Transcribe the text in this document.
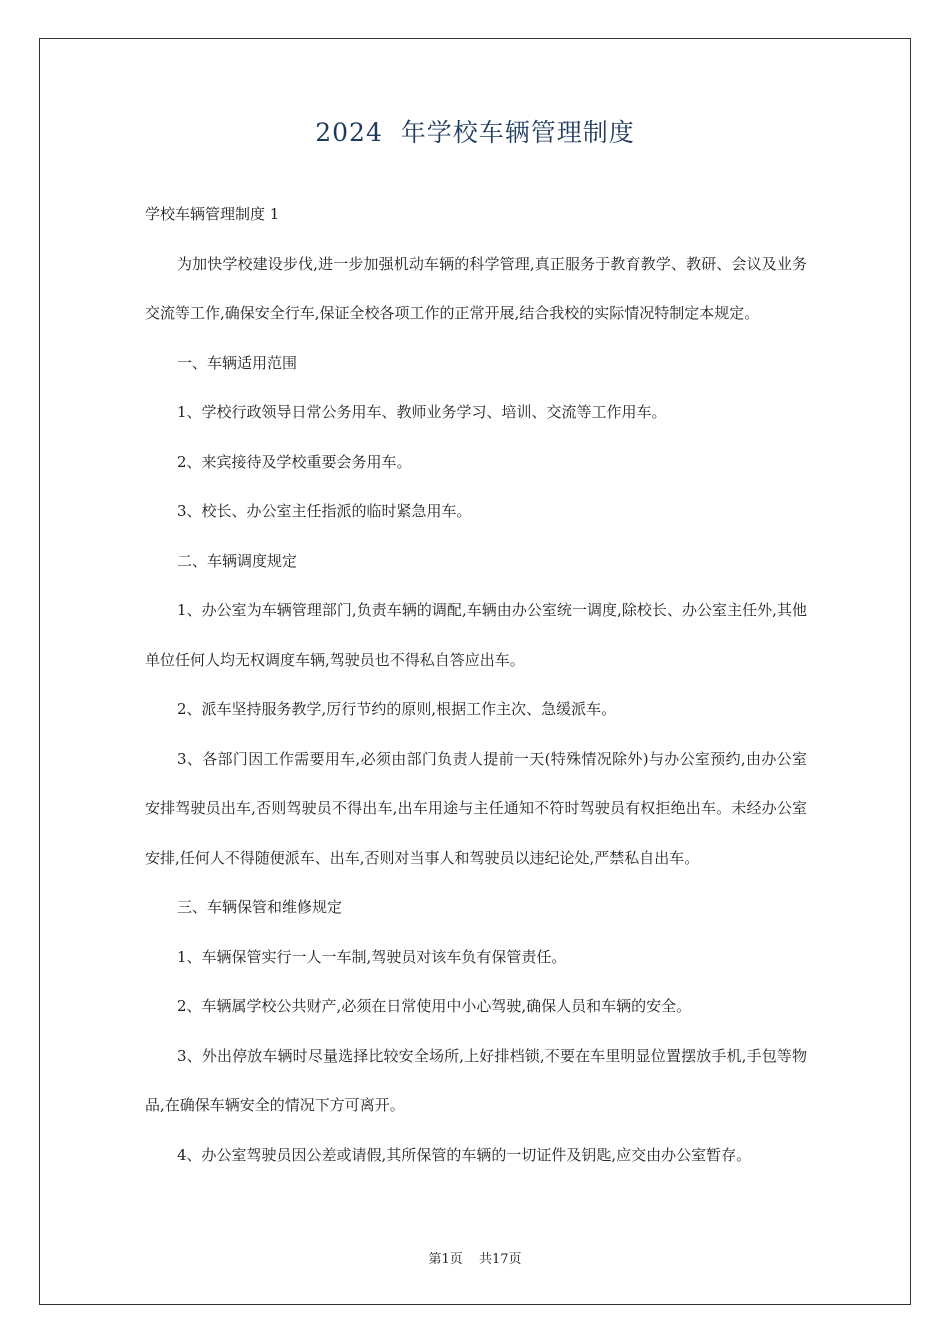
2024  年学校车辆管理制度

学校车辆管理制度 1

为加快学校建设步伐,进一步加强机动车辆的科学管理,真正服务于教育教学、教研、会议及业务交流等工作,确保安全行车,保证全校各项工作的正常开展,结合我校的实际情况特制定本规定。

一、车辆适用范围

1、学校行政领导日常公务用车、教师业务学习、培训、交流等工作用车。

2、来宾接待及学校重要会务用车。

3、校长、办公室主任指派的临时紧急用车。

二、车辆调度规定

1、办公室为车辆管理部门,负责车辆的调配,车辆由办公室统一调度,除校长、办公室主任外,其他单位任何人均无权调度车辆,驾驶员也不得私自答应出车。

2、派车坚持服务教学,厉行节约的原则,根据工作主次、急缓派车。

3、各部门因工作需要用车,必须由部门负责人提前一天(特殊情况除外)与办公室预约,由办公室安排驾驶员出车,否则驾驶员不得出车,出车用途与主任通知不符时驾驶员有权拒绝出车。未经办公室安排,任何人不得随便派车、出车,否则对当事人和驾驶员以违纪论处,严禁私自出车。

三、车辆保管和维修规定

1、车辆保管实行一人一车制,驾驶员对该车负有保管责任。

2、车辆属学校公共财产,必须在日常使用中小心驾驶,确保人员和车辆的安全。

3、外出停放车辆时尽量选择比较安全场所,上好排档锁,不要在车里明显位置摆放手机,手包等物品,在确保车辆安全的情况下方可离开。

4、办公室驾驶员因公差或请假,其所保管的车辆的一切证件及钥匙,应交由办公室暂存。

第1页 共17页
